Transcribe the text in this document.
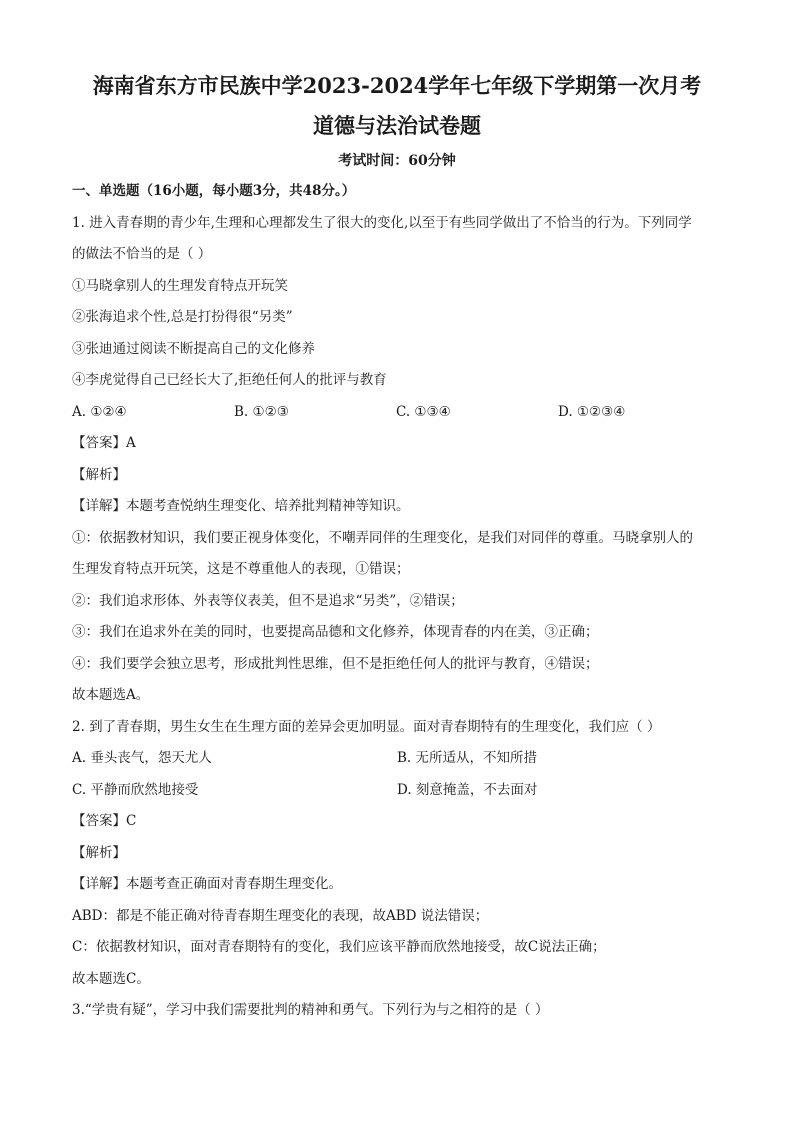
海南省东方市民族中学2023-2024学年七年级下学期第一次月考

道德与法治试卷题

考试时间：60分钟

一、单选题（16小题，每小题3分，共48分。）

1. 进入青春期的青少年,生理和心理都发生了很大的变化,以至于有些同学做出了不恰当的行为。下列同学

的做法不恰当的是（ ）

①马晓拿别人的生理发育特点开玩笑

②张海追求个性,总是打扮得很“另类”

③张迪通过阅读不断提高自己的文化修养

④李虎觉得自己已经长大了,拒绝任何人的批评与教育

A. ①②④	B. ①②③	C. ①③④	D. ①②③④

【答案】A

【解析】

【详解】本题考查悦纳生理变化、培养批判精神等知识。

①：依据教材知识，我们要正视身体变化，不嘲弄同伴的生理变化，是我们对同伴的尊重。马晓拿别人的

生理发育特点开玩笑，这是不尊重他人的表现，①错误；

②：我们追求形体、外表等仪表美，但不是追求“另类”，②错误；

③：我们在追求外在美的同时，也要提高品德和文化修养，体现青春的内在美，③正确；

④：我们要学会独立思考，形成批判性思维，但不是拒绝任何人的批评与教育，④错误；

故本题选A。

2. 到了青春期，男生女生在生理方面的差异会更加明显。面对青春期特有的生理变化，我们应（ ）

A. 垂头丧气，怨天尤人	B. 无所适从，不知所措
C. 平静而欣然地接受	D. 刻意掩盖，不去面对

【答案】C

【解析】

【详解】本题考查正确面对青春期生理变化。

ABD：都是不能正确对待青春期生理变化的表现，故ABD 说法错误；

C：依据教材知识，面对青春期特有的变化，我们应该平静而欣然地接受，故C说法正确；

故本题选C。

3.“学贵有疑”，学习中我们需要批判的精神和勇气。下列行为与之相符的是（ ）
